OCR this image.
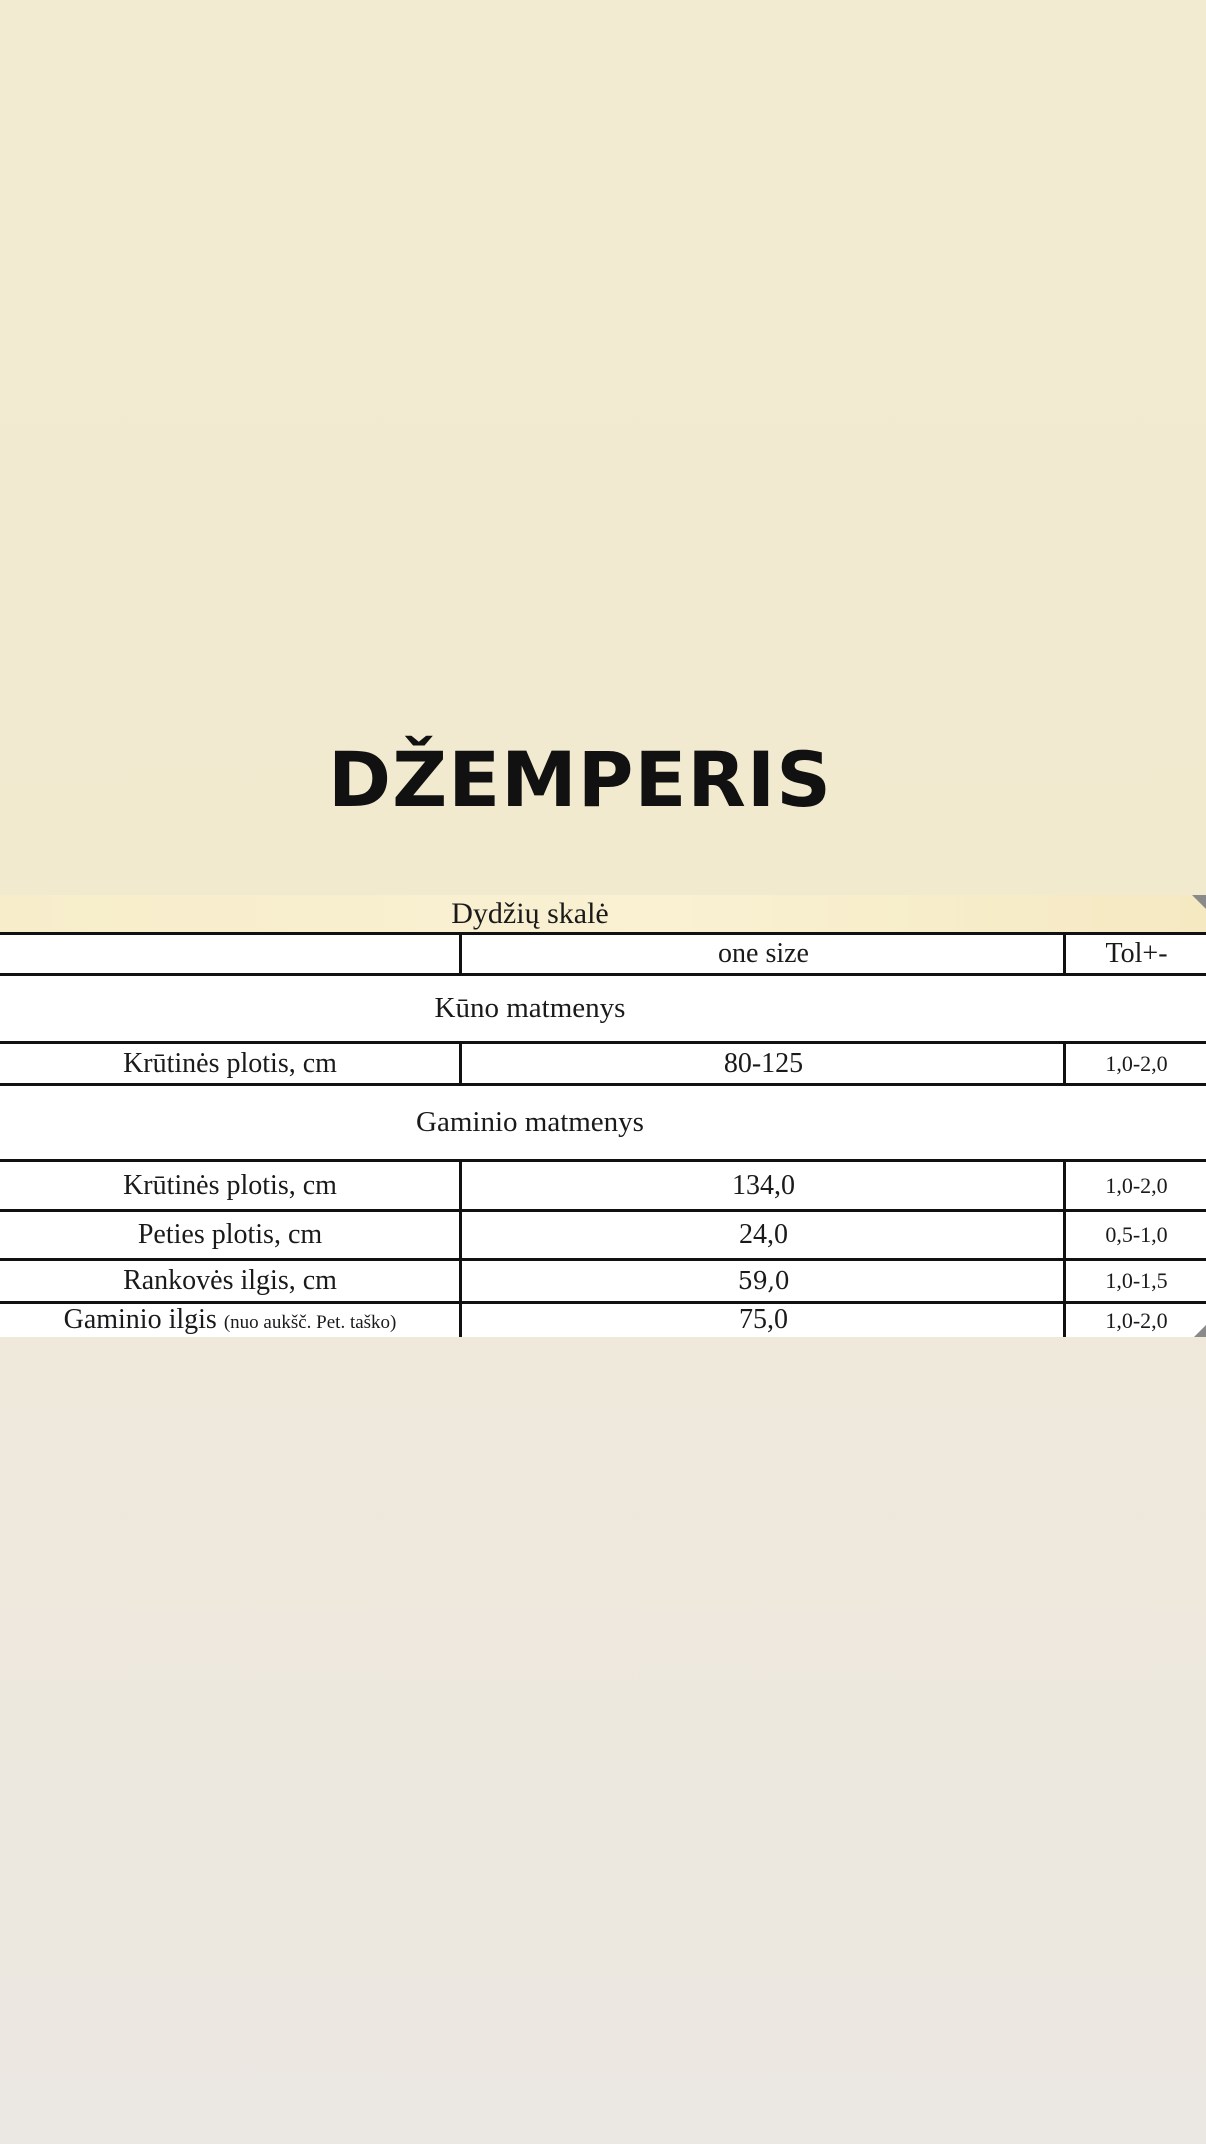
DŽEMPERIS
Dydžių skalė
one size	Tol+-
Kūno matmenys
Krūtinės plotis, cm	80-125	1,0-2,0
Gaminio matmenys
Krūtinės plotis, cm	134,0	1,0-2,0
Peties plotis, cm	24,0	0,5-1,0
Rankovės ilgis, cm	59,0	1,0-1,5
Gaminio ilgis
(nuo aukšč. Pet. taško)	75,0	1,0-2,0
